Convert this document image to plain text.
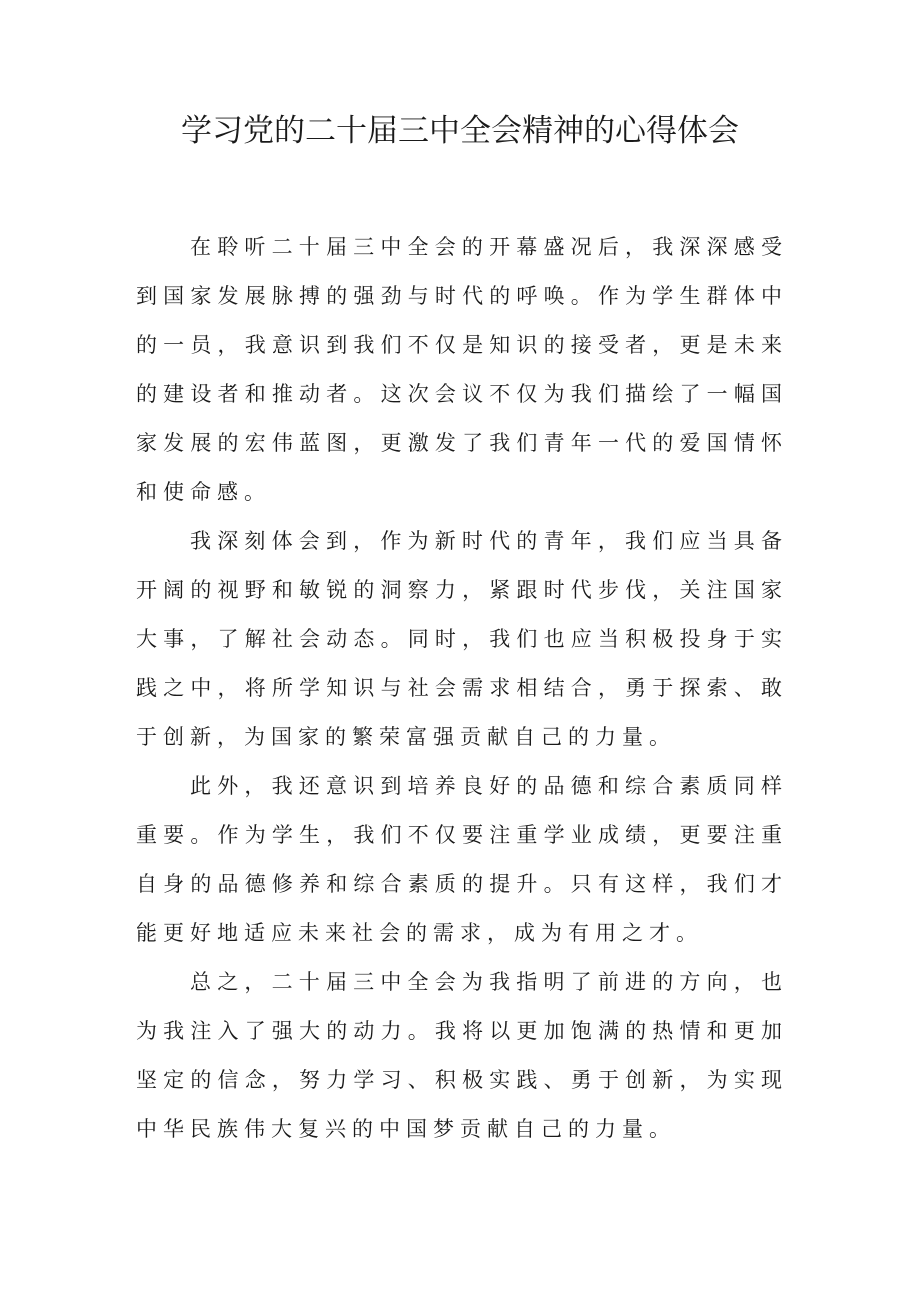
学习党的二十届三中全会精神的心得体会

在聆听二十届三中全会的开幕盛况后，我深深感受到国家发展脉搏的强劲与时代的呼唤。作为学生群体中的一员，我意识到我们不仅是知识的接受者，更是未来的建设者和推动者。这次会议不仅为我们描绘了一幅国家发展的宏伟蓝图，更激发了我们青年一代的爱国情怀和使命感。

我深刻体会到，作为新时代的青年，我们应当具备开阔的视野和敏锐的洞察力，紧跟时代步伐，关注国家大事，了解社会动态。同时，我们也应当积极投身于实践之中，将所学知识与社会需求相结合，勇于探索、敢于创新，为国家的繁荣富强贡献自己的力量。

此外，我还意识到培养良好的品德和综合素质同样重要。作为学生，我们不仅要注重学业成绩，更要注重自身的品德修养和综合素质的提升。只有这样，我们才能更好地适应未来社会的需求，成为有用之才。

总之，二十届三中全会为我指明了前进的方向，也为我注入了强大的动力。我将以更加饱满的热情和更加坚定的信念，努力学习、积极实践、勇于创新，为实现中华民族伟大复兴的中国梦贡献自己的力量。
